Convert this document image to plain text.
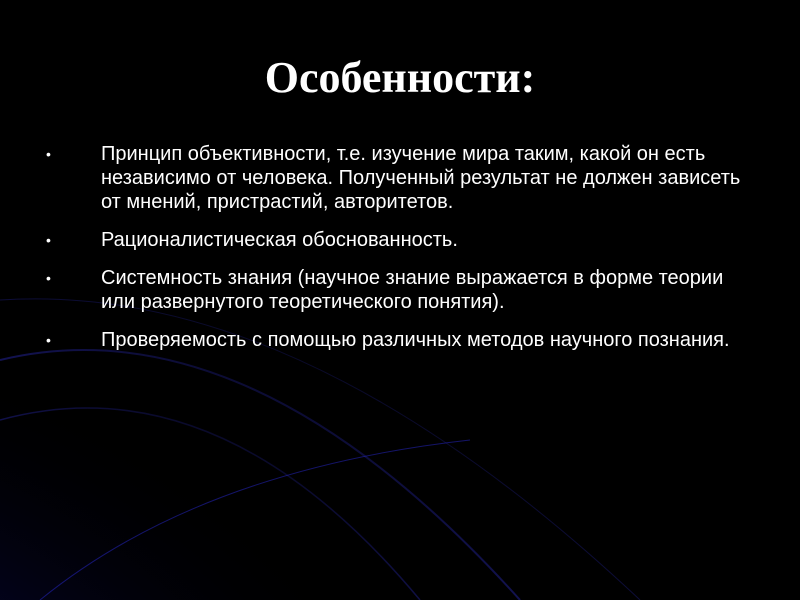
Особенности:
•	Принцип объективности, т.е. изучение мира таким, какой он есть независимо от человека. Полученный результат не должен зависеть от мнений, пристрастий, авторитетов.
•	Рационалистическая обоснованность.
•	Системность знания (научное знание выражается в форме теории или развернутого теоретического понятия).
•	Проверяемость с помощью различных методов научного познания.
